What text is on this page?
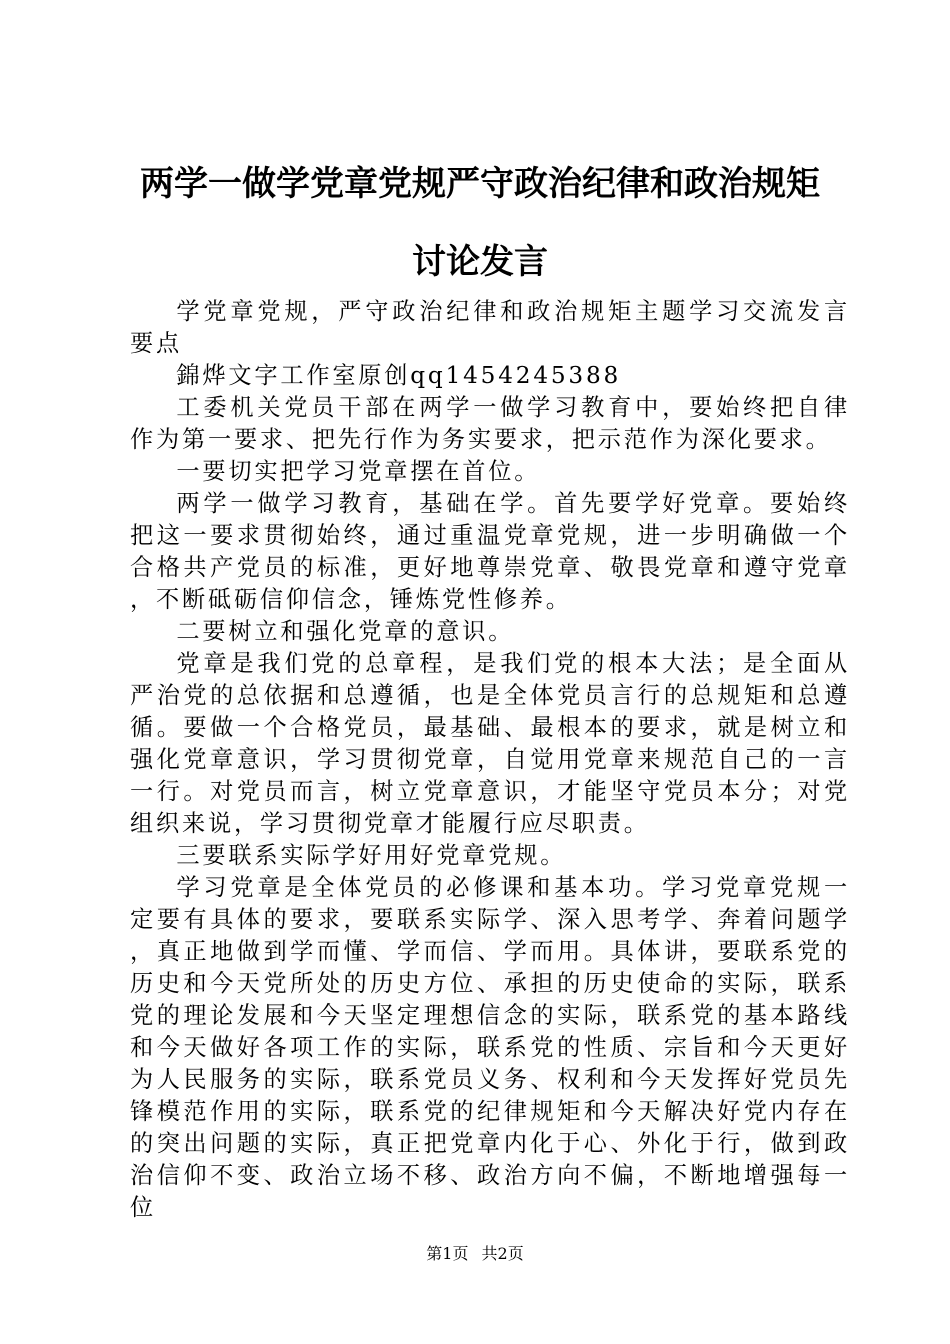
两学一做学党章党规严守政治纪律和政治规矩
讨论发言

学党章党规，严守政治纪律和政治规矩主题学习交流发言要点

錦烨文字工作室原创qq1454245388

工委机关党员干部在两学一做学习教育中，要始终把自律作为第一要求、把先行作为务实要求，把示范作为深化要求。

一要切实把学习党章摆在首位。

两学一做学习教育，基础在学。首先要学好党章。要始终把这一要求贯彻始终，通过重温党章党规，进一步明确做一个合格共产党员的标准，更好地尊崇党章、敬畏党章和遵守党章，不断砥砺信仰信念，锤炼党性修养。

二要树立和强化党章的意识。

党章是我们党的总章程，是我们党的根本大法；是全面从严治党的总依据和总遵循，也是全体党员言行的总规矩和总遵循。要做一个合格党员，最基础、最根本的要求，就是树立和强化党章意识，学习贯彻党章，自觉用党章来规范自己的一言一行。对党员而言，树立党章意识，才能坚守党员本分；对党组织来说，学习贯彻党章才能履行应尽职责。

三要联系实际学好用好党章党规。

学习党章是全体党员的必修课和基本功。学习党章党规一定要有具体的要求，要联系实际学、深入思考学、奔着问题学，真正地做到学而懂、学而信、学而用。具体讲，要联系党的历史和今天党所处的历史方位、承担的历史使命的实际，联系党的理论发展和今天坚定理想信念的实际，联系党的基本路线和今天做好各项工作的实际，联系党的性质、宗旨和今天更好为人民服务的实际，联系党员义务、权利和今天发挥好党员先锋模范作用的实际，联系党的纪律规矩和今天解决好党内存在的突出问题的实际，真正把党章内化于心、外化于行，做到政治信仰不变、政治立场不移、政治方向不偏，不断地增强每一位

第1页 共2页
